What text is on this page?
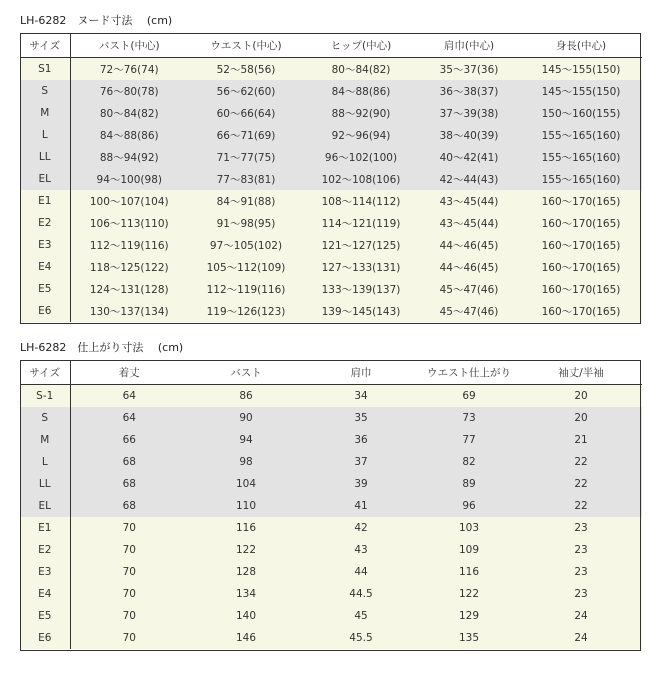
LH-6282　ヌード寸法　 (cm)
サイズ	バスト(中心)	ウエスト(中心)	ヒップ(中心)	肩巾(中心)	身長(中心)
S1	72〜76(74)	52〜58(56)	80〜84(82)	35〜37(36)	145〜155(150)
S	76〜80(78)	56〜62(60)	84〜88(86)	36〜38(37)	145〜155(150)
M	80〜84(82)	60〜66(64)	88〜92(90)	37〜39(38)	150〜160(155)
L	84〜88(86)	66〜71(69)	92〜96(94)	38〜40(39)	155〜165(160)
LL	88〜94(92)	71〜77(75)	96〜102(100)	40〜42(41)	155〜165(160)
EL	94〜100(98)	77〜83(81)	102〜108(106)	42〜44(43)	155〜165(160)
E1	100〜107(104)	84〜91(88)	108〜114(112)	43〜45(44)	160〜170(165)
E2	106〜113(110)	91〜98(95)	114〜121(119)	43〜45(44)	160〜170(165)
E3	112〜119(116)	97〜105(102)	121〜127(125)	44〜46(45)	160〜170(165)
E4	118〜125(122)	105〜112(109)	127〜133(131)	44〜46(45)	160〜170(165)
E5	124〜131(128)	112〜119(116)	133〜139(137)	45〜47(46)	160〜170(165)
E6	130〜137(134)	119〜126(123)	139〜145(143)	45〜47(46)	160〜170(165)
LH-6282　仕上がり寸法　 (cm)
サイズ	着丈	バスト	肩巾	ウエスト仕上がり	袖丈/半袖	
S-1	64	86	34	69	20	
S	64	90	35	73	20	
M	66	94	36	77	21	
L	68	98	37	82	22	
LL	68	104	39	89	22	
EL	68	110	41	96	22	
E1	70	116	42	103	23	
E2	70	122	43	109	23	
E3	70	128	44	116	23	
E4	70	134	44.5	122	23	
E5	70	140	45	129	24	
E6	70	146	45.5	135	24	
